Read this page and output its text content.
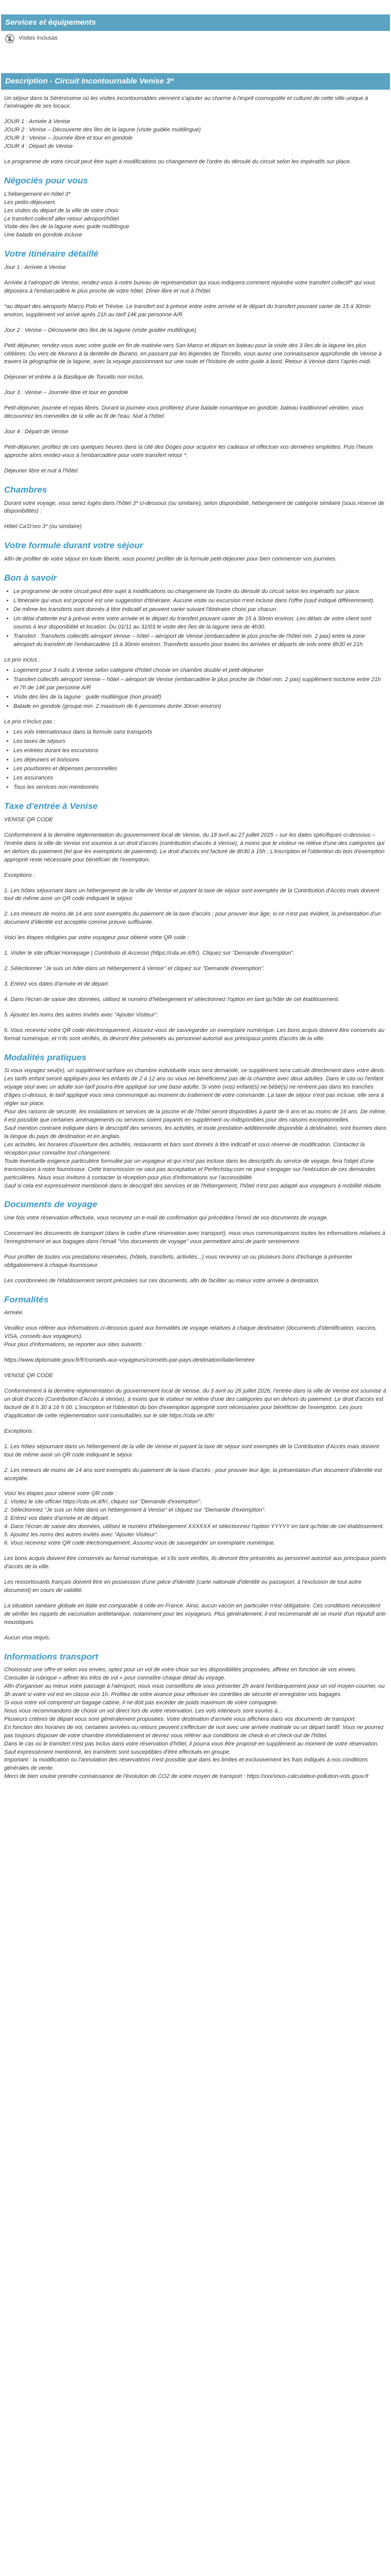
Services et équipements
Visites Inclusas
Description - Circuit Incontournable Venise 3*

Un séjour dans la Sérénissime où les visites incontournables viennent s'ajouter au charme à l'esprit cosmopolite et culturel de cette ville unique à l'aménagée de ses locaux.

JOUR 1 : Arrivée à Venise
JOUR 2 : Venise – Découverte des îles de la lagune (visite guidée multilingue)
JOUR 3 : Venise – Journée libre et tour en gondole
JOUR 4 : Départ de Venise

Le programme de votre circuit peut être sujet à modifications ou changement de l'ordre du déroulé du circuit selon les impératifs sur place.

Négociés pour vous

L'hébergement en hôtel 3*
Les petits-déjeuners
Les visites du départ de la ville de votre choix
Le transfert collectif aller-retour aéroport/hôtel
Visite des îles de la lagune avec guide multilingue
Une balade en gondole incluse

Votre itinéraire détaillé

Jour 1 : Arrivée à Venise

Arrivée à l'aéroport de Venise, rendez-vous à notre bureau de représentation qui vous indiquera comment rejoindre votre transfert collectif* qui vous déposera à l'embarcadère le plus proche de votre hôtel. Dîner libre et nuit à l'hôtel.

*au départ des aéroports Marco Polo et Trévise. Le transfert est à prévoir entre votre arrivée et le départ du transfert pouvant varier de 15 à 30min environ, supplément vol arrivé après 21h au tarif 14€ par personne A/R.

Jour 2 : Venise – Découverte des îles de la lagune (visite guidée multilingue)

Petit déjeuner, rendez-vous avec votre guide en fin de matinée vers San Marco et départ en bateau pour la visite des 3 îles de la lagune les plus célèbres. Ou vers de Murano à la dentelle de Burano, en passant par les légendes de Torcello, vous aurez une connaissance approfondie de Venise à travers la géographie de la lagune, avec la voyage passionnant sur une route et l'histoire de votre guide à bord. Retour à Venise dans l'après-midi.

Déjeuner et entrée à la Basilique de Torcello non inclus.

Jour 3 : Venise – Journée libre et tour en gondole

Petit-déjeuner, journée et repas libres. Durant la journée vous profiterez d'une balade romantique en gondole, bateau traditionnel vénitien, vous découvrirez les merveilles de la ville au fil de l'eau. Nuit à l'hôtel.

Jour 4 : Départ de Venise

Petit-déjeuner, profitez de ces quelques heures dans la cité des Doges pour acquérir les cadeaux et effectuer vos dernières emplettes. Puis l'heure approche alors rendez-vous à l'embarcadère pour votre transfert retour *.

Déjeuner libre et nuit à l'hôtel.

Chambres

Durant votre voyage, vous serez logés dans l'hôtel 3* ci-dessous (ou similaire), selon disponibilité, hébergement de catégorie similaire (sous réserve de disponibilités) :

Hôtel Ca'D'oro 3* (ou similaire)

Votre formule durant votre séjour

Afin de profiter de votre séjour en toute liberté, vous pourrez profiter de la formule petit-déjeuner pour bien commencer vos journées.

Bon à savoir
• Le programme de votre circuit peut être sujet à modifications ou changement de l'ordre du déroulé du circuit selon les impératifs sur place.
• L'itinéraire qui vous est proposé est une suggestion d'itinéraire. Aucune visite ou excursion n'est incluse dans l'offre (sauf indiqué différemment).
• De même les transferts sont donnés à titre indicatif et peuvent varier suivant l'itinéraire choisi par chacun.
• Un délai d'attente est à prévoir entre votre arrivée et le départ du transfert pouvant varier de 15 à 30min environ. Les délais de votre client sont soumis à leur disponibilité et location. Du 01/11 au 31/03 le visite des îles de la lagune sera de 4h30.
• Transfert : Transferts collectifs aéroport Venise – hôtel – aéroport de Venise (embarcadère le plus proche de l'hôtel min. 2 pax) entre la zone aéroport du transfert de l'embarcadère 15 à 30min environ. Transferts assurés pour toutes les arrivées et départs de vols entre 8h30 et 21h.

Le prix inclus :

• Logement pour 3 nuits à Venise selon catégorie d'hôtel choisie en chambre double et petit-déjeuner
• Transfert collectifs aéroport Venise – hôtel – aéroport de Venise (embarcadère le plus proche de l'hôtel min. 2 pax) supplément nocturne entre 21h et 7h de 14€ par personne A/R
• Visite des îles de la lagune : guide multilingue (non privatif)
• Balade en gondole (groupe min. 2 maximum de 6 personnes durée 30min environ)

Le prix n'inclus pas :

• Les vols internationaux dans la formule sans transports
• Les taxes de séjours
• Les entrées durant les excursions
• Les déjeuners et boissons
• Les pourboires et dépenses personnelles
• Les assurances
• Tous les services non mentionnés
Taxe d'entrée à Venise

VENISE QR CODE

Conformément à la dernière réglementation du gouvernement local de Venise, du 18 avril au 27 juillet 2025 – sur les dates spécifiques ci-dessous – l'entrée dans la ville de Venise est soumise à un droit d'accès (contribution d'accès à Venise), à moins que le visiteur ne relève d'une des catégories qui en dehors du paiement (tel que les exemptions de paiement). Le droit d'accès est facturé de 8h30 à 16h ; L'inscription et l'obtention du bon d'exemption approprié reste nécessaire pour bénéficier de l'exemption.

Exceptions :

1. Les hôtes séjournant dans un hébergement de la ville de Venise et payant la taxe de séjour sont exemptés de la Contribution d'Accès mais doivent tout de même avoir un QR code indiquant le séjour.

2. Les mineurs de moins de 14 ans sont exemptés du paiement de la taxe d'accès ; pour prouver leur âge, si ce n'est pas évident, la présentation d'un document d'identité est acceptée comme preuve suffisante.

Voici les étapes rédigées par votre voyageur pour obtenir votre QR code :

1. Visiter le site officiel Homepage | Contributo di Accesso (https://cda.ve.it/fr/). Cliquez sur "Demande d'exemption".

2. Sélectionner "Je suis un hôte dans un hébergement à Venise" et cliquez sur "Demande d'exemption".

3. Entrez vos dates d'arrivée et de départ.

4. Dans l'écran de saisie des données, utilisez le numéro d'hébergement et sélectionnez l'option en tant qu'hôte de cet établissement.

5. Ajoutez les noms des autres invités avec "Ajouter Visiteur".

6. Vous recevrez votre QR code électroniquement. Assurez-vous de sauvegarder un exemplaire numérique. Les bons acquis doivent être conservés au format numérique, et n'ils sont vérifiés, ils devront être présentés au personnel autorisé aux principaux points d'accès de la ville.

Modalités pratiques

Si vous voyagez seul(e), un supplément tarifaire en chambre individuelle vous sera demandé, ce supplément sera calculé directement dans votre devis.
Les tarifs enfant seront appliqués pour les enfants de 2 à 12 ans ou vous ne bénéficierez pas de la chambre avec deux adultes. Dans le cas où l'enfant voyage seul avec un adulte son tarif pourra être appliqué sur une base adulte. Si votre (vos) enfant(s) ne bébé(s) ne rentrent pas dans les tranches d'âges ci-dessus, le tarif appliqué vous sera communiqué au moment du traitement de votre commande. La taxe de séjour n'est pas incluse, elle sera à régler sur place.
Pour des raisons de sécurité, les installations et services de la piscine et de l'hôtel seront disponibles à partir de 6 ans et au moins de 16 ans. De même, il est possible que certaines aménagements ou services soient payants en supplément ou indisponibles pour des raisons exceptionnelles.
Sauf mention contraire indiquée dans le descriptif des services, les activités, et toute prestation additionnelle disponible à destination, sont fournies dans la langue du pays de destination et en anglais.
Les activités, les horaires d'ouverture des activités, restaurants et bars sont donnés à titre indicatif et sous réserve de modification. Contactez la réception pour connaître tout changement.
Toute éventuelle exigence particulière formulée par un voyageur et qui n'est pas incluse dans les descriptifs du service de voyage, fera l'objet d'une transmission à notre fournisseur. Cette transmission ne vaut pas acceptation et Perfectstay.com ne peut s'engager sur l'exécution de ces demandes particulières. Nous vous invitons à contacter la réception pour plus d'informations sur l'accessibilité.
Sauf si cela est expressément mentionné dans le descriptif des services et de l'hébergement, l'hôtel n'est pas adapté aux voyageurs à mobilité réduite.

Documents de voyage

Une fois votre réservation effectuée, vous recevrez un e-mail de confirmation qui précédera l'envoi de vos documents de voyage.

Concernant les documents de transport (dans le cadre d'une réservation avec transport), nous vous communiquerons toutes les informations relatives à l'enregistrement et aux bagages dans l'email "Vos documents de voyage" vous permettant ainsi de partir sereinement.

Pour profiter de toutes vos prestations réservées, (hôtels, transferts, activités...) vous recevrez un ou plusieurs bons d'échange à présenter obligatoirement à chaque fournisseur.

Les coordonnées de l'établissement seront précisées sur ces documents, afin de faciliter au mieux votre arrivée à destination.

Formalités

Arrivée.

Veuillez vous référer aux informations ci-dessous quant aux formalités de voyage relatives à chaque destination (documents d'identification, vaccins, VISA, conseils aux voyageurs).
Pour plus d'informations, se reporter aux sites suivants :

https://www.diplomatie.gouv.fr/fr/conseils-aux-voyageurs/conseils-par-pays-destination/italie/#entree

VENISE QR CODE

Conformément à la dernière réglementation du gouvernement local de Venise, du 3 avril au 26 juillet 2026, l'entrée dans la ville de Venise est soumise à un droit d'accès (Contribution d'Accès à Venise), à moins que le visiteur ne relève d'une des catégories qui en dehors du paiement. Le droit d'accès est facturé de 8 h 30 à 16 h 00. L'inscription et l'obtention du bon d'exemption approprié sont nécessaires pour bénéficier de l'exemption. Les jours d'application de cette réglementation sont consultables sur le site https://cda.ve.it/fr/

Exceptions :

1. Les hôtes séjournant dans un hébergement de la ville de Venise et payant la taxe de séjour sont exemptés de la Contribution d'Accès mais doivent tout de même avoir un QR code indiquant le séjour.

2. Les mineurs de moins de 14 ans sont exemptés du paiement de la taxe d'accès ; pour prouver leur âge, la présentation d'un document d'identité est acceptée.

Voici les étapes pour obtenir votre QR code :
1. Visitez le site officiel https://cda.ve.it/fr/, cliquez sur "Demande d'exemption".
2. Sélectionnez "Je suis un hôte dans un hébergement à Venise" et cliquez sur "Demande d'exemption".
3. Entrez vos dates d'arrivée et de départ.
4. Dans l'écran de saisie des données, utilisez le numéro d'hébergement XXXXXX et sélectionnez l'option YYYYY en tant qu'hôte de cet établissement.
5. Ajoutez les noms des autres invités avec "Ajouter Visiteur".
6. Vous recevrez votre QR code électroniquement. Assurez-vous de sauvegarder un exemplaire numérique.

Les bons acquis doivent être conservés au format numérique, et s'ils sont vérifiés, ils devront être présentés au personnel autorisé aux principaux points d'accès de la ville.

Les ressortissants français doivent être en possession d'une pièce d'identité (carte nationale d'identité ou passeport, à l'exclusion de tout autre document) en cours de validité.

La situation sanitaire globale en Italie est comparable à celle en France. Ainsi, aucun vaccin en particulier n'est obligatoire. Ces conditions nécessitent de vérifier les rappels de vaccination antitétanique, notamment pour les voyageurs. Plus généralement, il est recommandé de se munir d'un répulsif anti-moustiques.

Aucun visa requis.

Informations transport

Choisissez une offre et selon vos envies, optez pour un vol de votre choix sur les disponibilités proposées, affinez en fonction de vos envies.
Consulter la rubrique « affiner les infos de vol » pour connaître chaque détail du voyage.
Afin d'organiser au mieux votre passage à l'aéroport, nous vous conseillons de vous présenter 2h avant l'embarquement pour un vol moyen-courrier, ou 3h avant si votre vol est en classe eco 1h. Profitez de votre avance pour effectuer les contrôles de sécurité et enregistrer vos bagages.
Si vous votre vol comprend un bagage cabine, il ne doit pas excéder de poids maximum de votre compagnie.
Nous vous recommandons de choisir un vol direct lors de votre réservation. Les vols intérieurs sont soumis à...
Plusieurs critères de départ vous sont généralement proposées. Votre destination d'arrivée vous affichera dans vos documents de transport.
En fonction des horaires de vol, certaines arrivées ou retours peuvent s'effectuer de nuit avec une arrivée matinale ou un départ tardif. Vous ne pourrez pas toujours disposer de votre chambre immédiatement et devrez vous référer aux conditions de check-in et check-out de l'hôtel.
Dans le cas où le transfert n'est pas inclus dans votre réservation d'hôtel, il pourra vous être proposé en supplément au moment de votre réservation. Sauf expressément mentionné, les transferts sont susceptibles d'être effectués en groupe.
Important : la modification ou l'annulation des réservations n'est possible que dans les limites et exclusivement les frais indiqués à nos conditions générales de vente.
Merci de bien vouloir prendre connaissance de l'évolution de CO2 de votre moyen de transport : https://xxx/vous-calculateur-pollution-vols.gouv.fr
